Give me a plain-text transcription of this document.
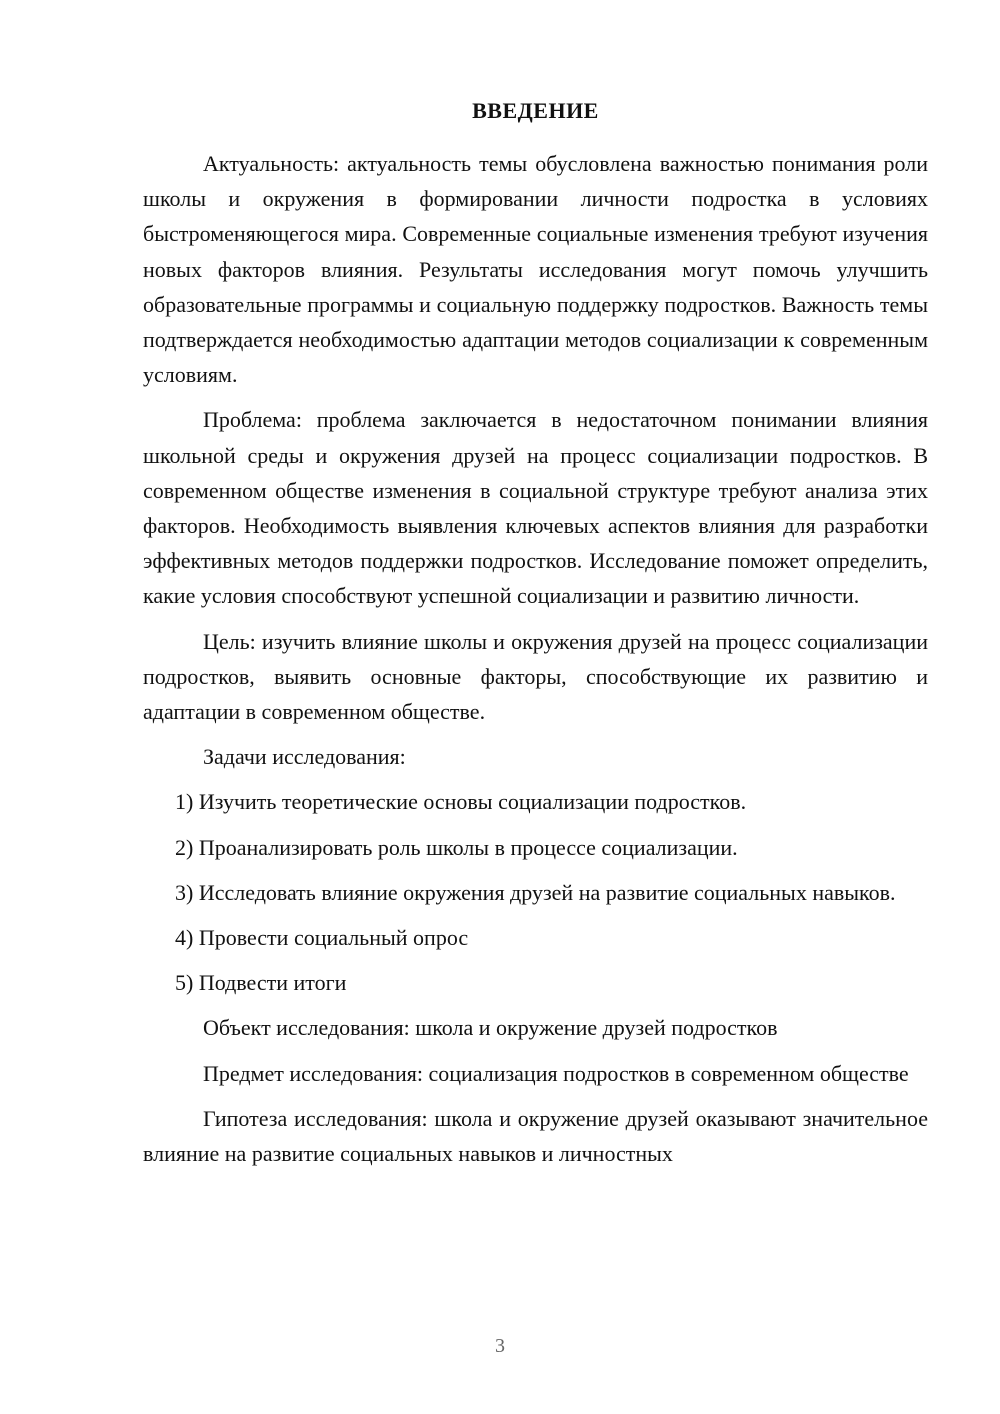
ВВЕДЕНИЕ

Актуальность: актуальность темы обусловлена важностью понимания роли школы и окружения в формировании личности подростка в условиях быстроменяющегося мира. Современные социальные изменения требуют изучения новых факторов влияния. Результаты исследования могут помочь улучшить образовательные программы и социальную поддержку подростков. Важность темы подтверждается необходимостью адаптации методов социализации к современным условиям.

Проблема: проблема заключается в недостаточном понимании влияния школьной среды и окружения друзей на процесс социализации подростков. В современном обществе изменения в социальной структуре требуют анализа этих факторов. Необходимость выявления ключевых аспектов влияния для разработки эффективных методов поддержки подростков. Исследование поможет определить, какие условия способствуют успешной социализации и развитию личности.

Цель: изучить влияние школы и окружения друзей на процесс социализации подростков, выявить основные факторы, способствующие их развитию и адаптации в современном обществе.

Задачи исследования:

1) Изучить теоретические основы социализации подростков.

2) Проанализировать роль школы в процессе социализации.

3) Исследовать влияние окружения друзей на развитие социальных навыков.

4) Провести социальный опрос

5) Подвести итоги

Объект исследования: школа и окружение друзей подростков

Предмет исследования: социализация подростков в современном обществе

Гипотеза исследования: школа и окружение друзей оказывают значительное влияние на развитие социальных навыков и личностных

3
